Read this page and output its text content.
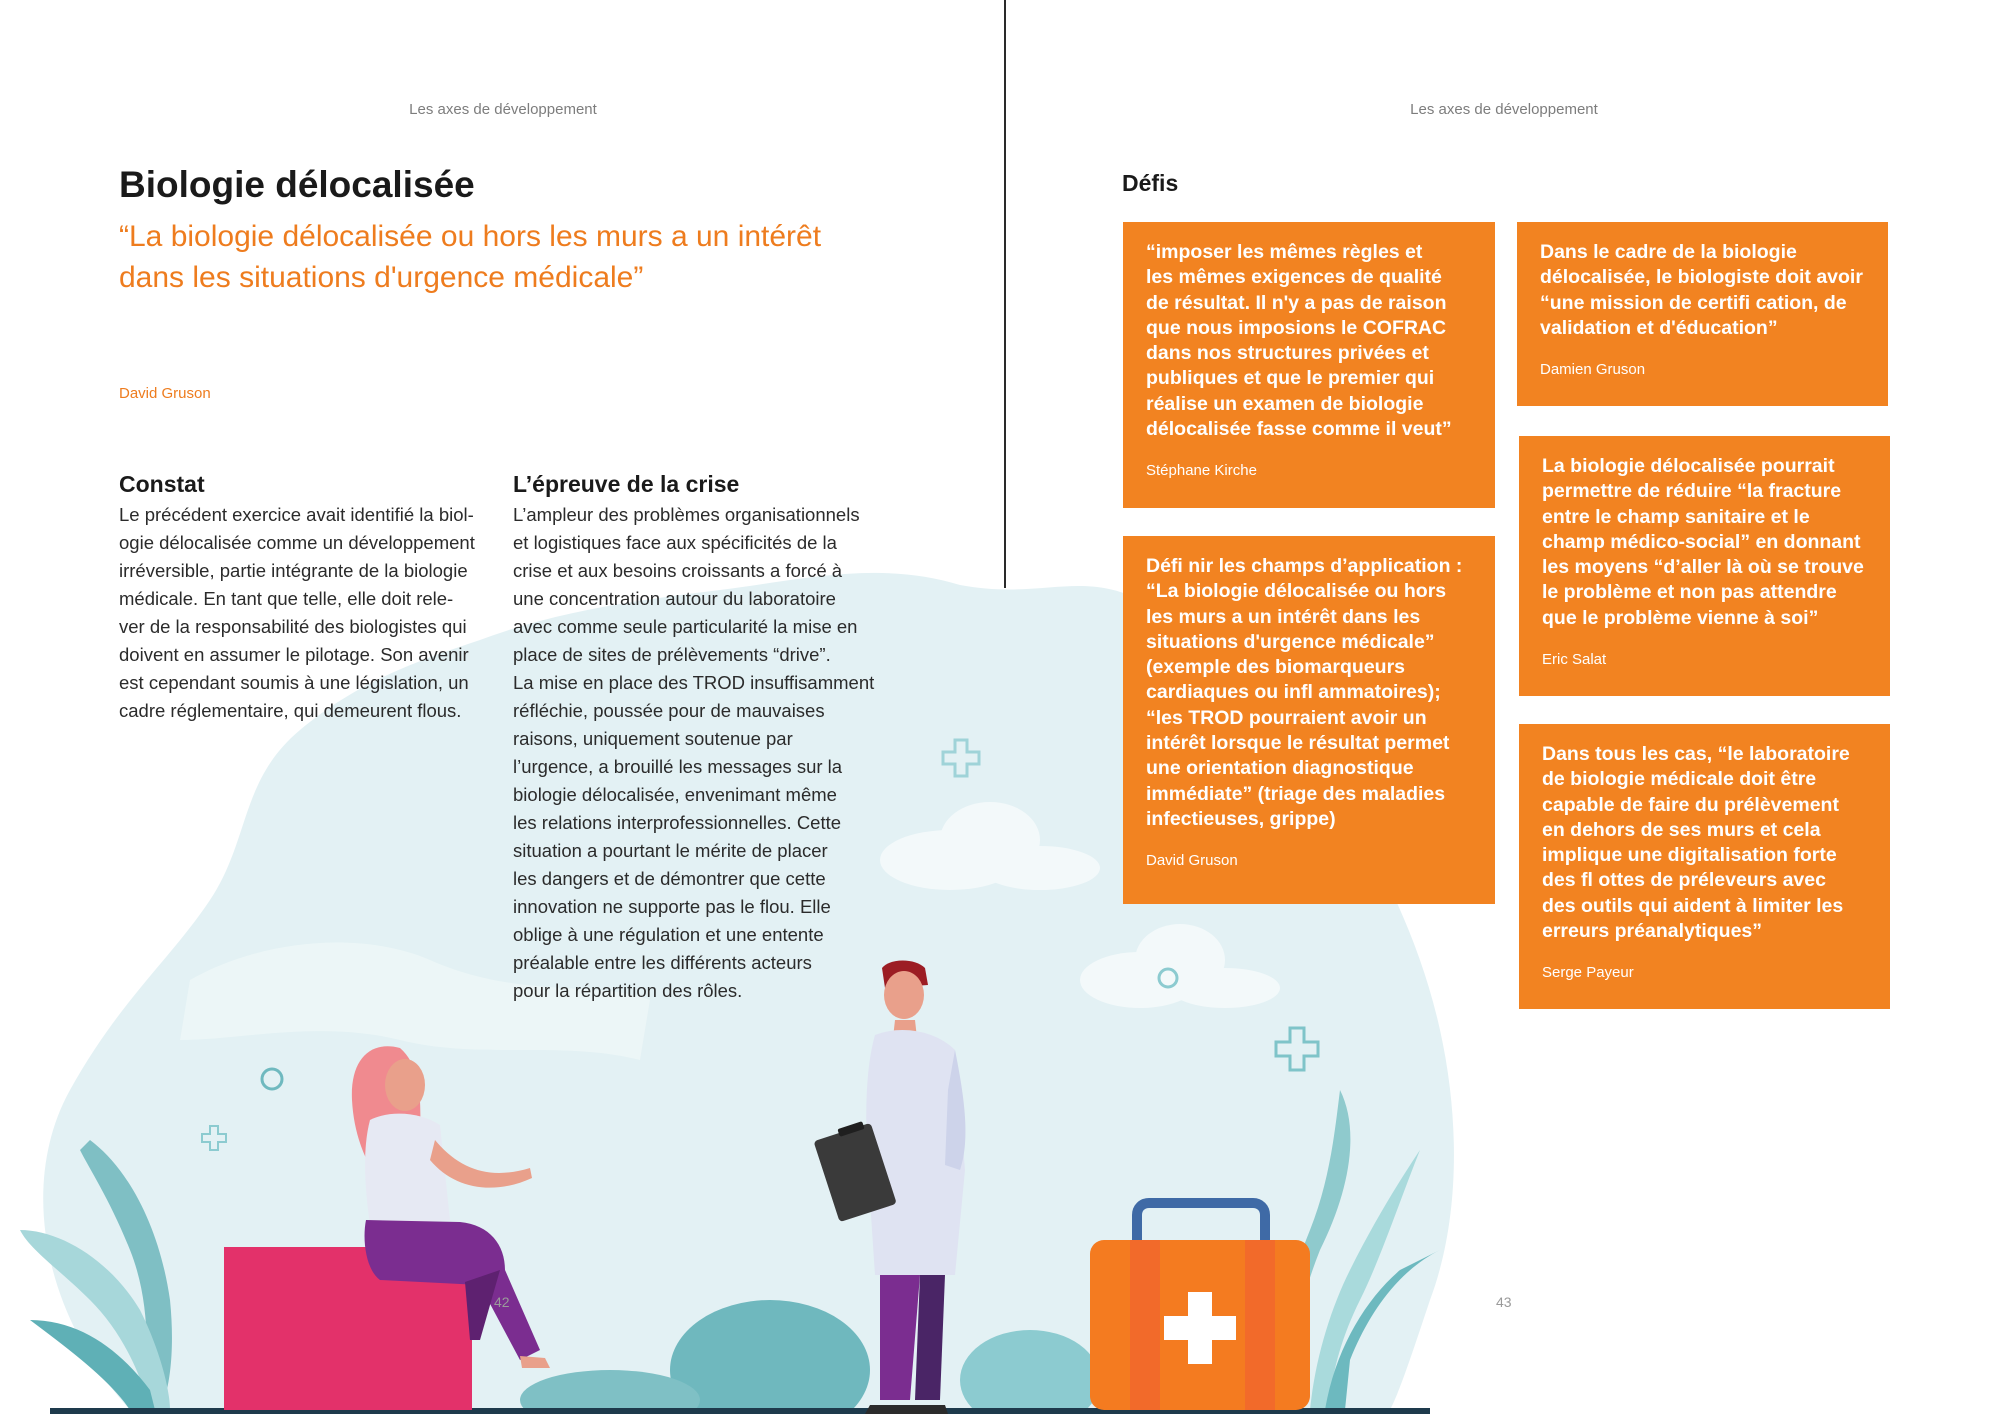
Les axes de développement	Les axes de développement
Biologie délocalisée
“La biologie délocalisée ou hors les murs a un intérêt
dans les situations d'urgence médicale”
David Gruson
Constat
Le précédent exercice avait identifié la biol-
ogie délocalisée comme un développement
irréversible, partie intégrante de la biologie
médicale. En tant que telle, elle doit rele-
ver de la responsabilité des biologistes qui
doivent en assumer le pilotage. Son avenir
est cependant soumis à une législation, un
cadre réglementaire, qui demeurent flous.
L’épreuve de la crise
L’ampleur des problèmes organisationnels
et logistiques face aux spécificités de la
crise et aux besoins croissants a forcé à
une concentration autour du laboratoire
avec comme seule particularité la mise en
place de sites de prélèvements “drive”.
La mise en place des TROD insuffisamment
réfléchie, poussée pour de mauvaises
raisons, uniquement soutenue par
l’urgence, a brouillé les messages sur la
biologie délocalisée, envenimant même
les relations interprofessionnelles. Cette
situation a pourtant le mérite de placer
les dangers et de démontrer que cette
innovation ne supporte pas le flou. Elle
oblige à une régulation et une entente
préalable entre les différents acteurs
pour la répartition des rôles.
42
Défis
“imposer les mêmes règles et
les mêmes exigences de qualité
de résultat. Il n'y a pas de raison
que nous imposions le COFRAC
dans nos structures privées et
publiques et que le premier qui
réalise un examen de biologie
délocalisée fasse comme il veut”
Stéphane Kirche
Défi nir les champs d’application :
“La biologie délocalisée ou hors
les murs a un intérêt dans les
situations d'urgence médicale”
(exemple des biomarqueurs
cardiaques ou infl ammatoires);
“les TROD pourraient avoir un
intérêt lorsque le résultat permet
une orientation diagnostique
immédiate” (triage des maladies
infectieuses, grippe)
David Gruson
Dans le cadre de la biologie
délocalisée, le biologiste doit avoir
“une mission de certifi cation, de
validation et d'éducation”
Damien Gruson
La biologie délocalisée pourrait
permettre de réduire “la fracture
entre le champ sanitaire et le
champ médico-social” en donnant
les moyens “d’aller là où se trouve
le problème et non pas attendre
que le problème vienne à soi”
Eric Salat
Dans tous les cas, “le laboratoire
de biologie médicale doit être
capable de faire du prélèvement
en dehors de ses murs et cela
implique une digitalisation forte
des fl ottes de préleveurs avec
des outils qui aident à limiter les
erreurs préanalytiques”
Serge Payeur
43
